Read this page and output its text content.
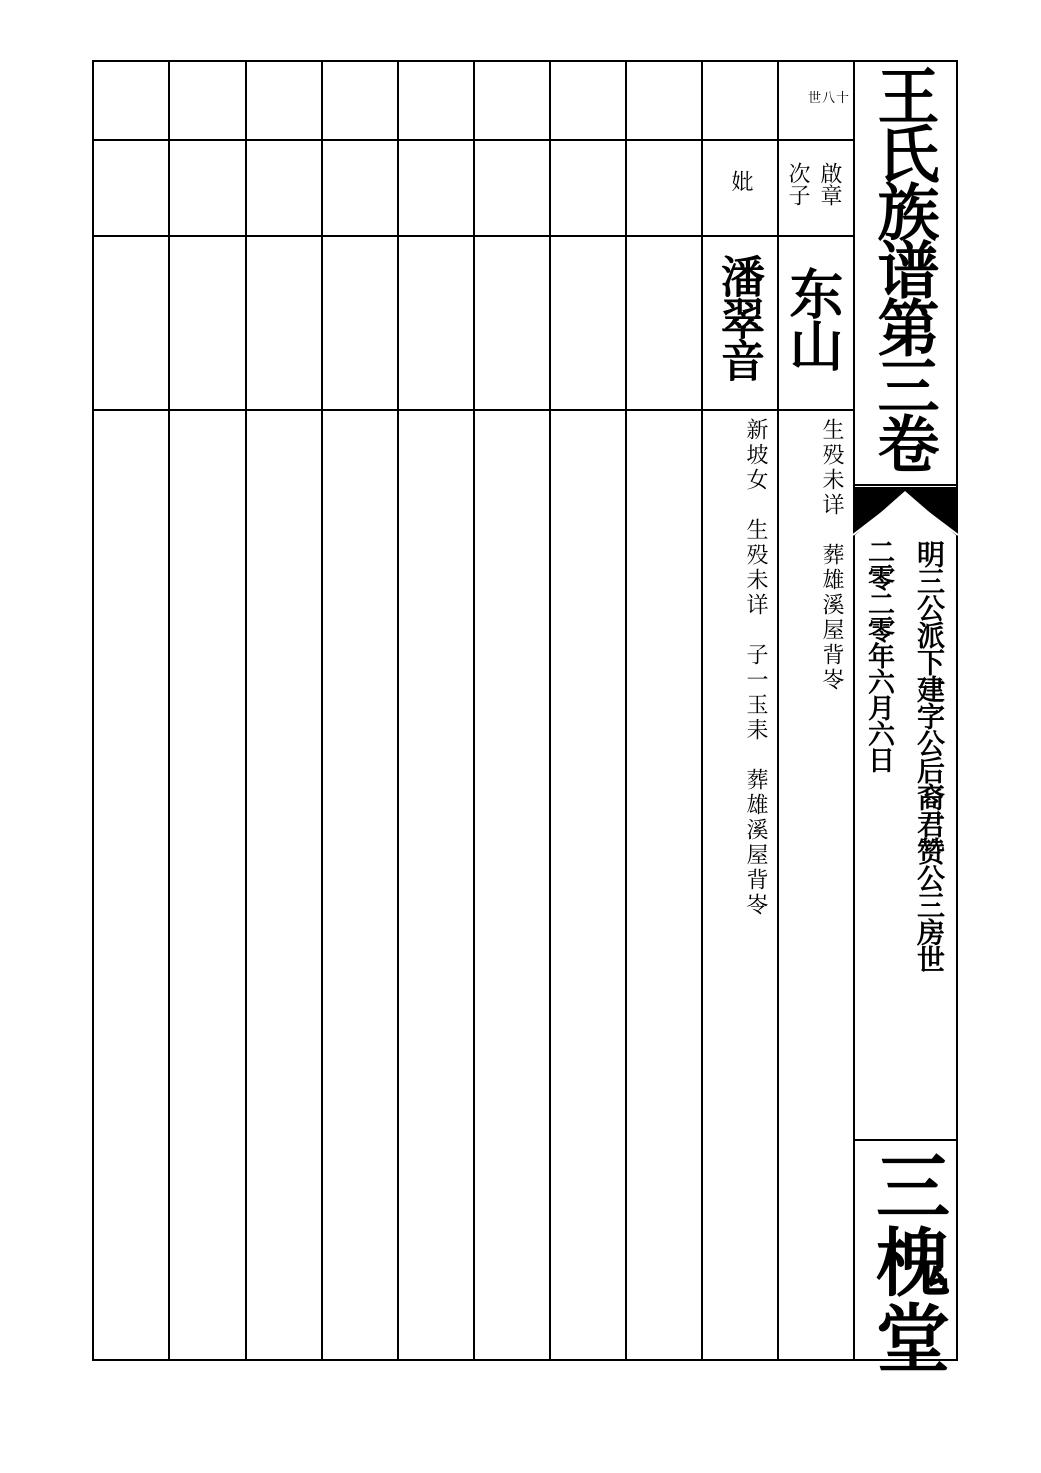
王氏族谱第三卷
明三公派下建字公后裔君赞公三房世
二零二零年六月六日
三槐堂
世八十
啟章
次子
东山
生殁未详　葬雄溪屋背岺
妣
潘翠音
新坡女　生殁未详　子一玉耒　葬雄溪屋背岺
